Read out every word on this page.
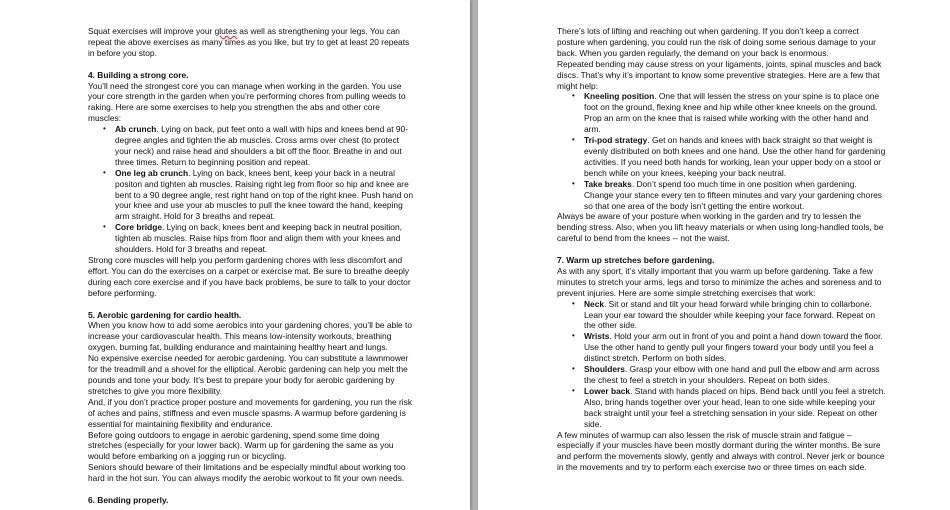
Squat exercises will improve your glutes as well as strengthening your legs. You can repeat the above exercises as many times as you like, but try to get at least 20 repeats in before you stop.

4. Building a strong core.

You’ll need the strongest core you can manage when working in the garden. You use your core strength in the garden when you’re performing chores from pulling weeds to raking. Here are some exercises to help you strengthen the abs and other core muscles:

• Ab crunch. Lying on back, put feet onto a wall with hips and knees bend at 90-degree angles and tighten the ab muscles. Cross arms over chest (to protect your neck) and raise head and shoulders a bit off the floor. Breathe in and out three times. Return to beginning position and repeat.
• One leg ab crunch. Lying on back, knees bent, keep your back in a neutral positon and tighten ab muscles. Raising right leg from floor so hip and knee are bent to a 90 degree angle, rest right hand on top of the right knee. Push hand on your knee and use your ab muscles to pull the knee toward the hand, keeping arm straight. Hold for 3 breaths and repeat.
• Core bridge. Lying on back, knees bent and keeping back in neutral position, tighten ab muscles. Raise hips from floor and align them with your knees and shoulders. Hold for 3 breaths and repeat.

Strong core muscles will help you perform gardening chores with less discomfort and effort. You can do the exercises on a carpet or exercise mat. Be sure to breathe deeply during each core exercise and if you have back problems, be sure to talk to your doctor before performing.

5. Aerobic gardening for cardio health.

When you know how to add some aerobics into your gardening chores, you’ll be able to increase your cardiovascular health. This means low-intensity workouts, breathing oxygen, burning fat, building endurance and maintaining healthy heart and lungs.

No expensive exercise needed for aerobic gardening. You can substitute a lawnmower for the treadmill and a shovel for the elliptical. Aerobic gardening can help you melt the pounds and tone your body. It’s best to prepare your body for aerobic gardening by stretches to give you more flexibility.

And, if you don’t practice proper posture and movements for gardening, you run the risk of aches and pains, stiffness and even muscle spasms. A warmup before gardening is essential for maintaining flexibility and endurance.

Before going outdoors to engage in aerobic gardening, spend some time doing stretches (especially for your lower back). Warm up for gardening the same as you would before embarking on a jogging run or bicycling.

Seniors should beware of their limitations and be especially mindful about working too hard in the hot sun. You can always modify the aerobic workout to fit your own needs.

6. Bending properly.

There’s lots of lifting and reaching out when gardening. If you don’t keep a correct posture when gardening, you could run the risk of doing some serious damage to your back. When you garden regularly, the demand on your back is enormous.

Repeated bending may cause stress on your ligaments, joints, spinal muscles and back discs. That’s why it’s important to know some preventive strategies. Here are a few that might help:

• Kneeling position. One that will lessen the stress on your spine is to place one foot on the ground, flexing knee and hip while other knee kneels on the ground. Prop an arm on the knee that is raised while working with the other hand and arm.
• Tri-pod strategy. Get on hands and knees with back straight so that weight is evenly distributed on both knees and one hand. Use the other hand for gardening activities. If you need both hands for working, lean your upper body on a stool or bench while on your knees, keeping your back neutral.
• Take breaks. Don’t spend too much time in one position when gardening. Change your stance every ten to fifteen minutes and vary your gardening chores so that one area of the body isn’t getting the entire workout.

Always be aware of your posture when working in the garden and try to lessen the bending stress. Also, when you lift heavy materials or when using long-handled tools, be careful to bend from the knees -- not the waist.

7. Warm up stretches before gardening.

As with any sport, it’s vitally important that you warm up before gardening. Take a few minutes to stretch your arms, legs and torso to minimize the aches and soreness and to prevent injuries. Here are some simple stretching exercises that work:

• Neck. Sit or stand and tilt your head forward while bringing chin to collarbone. Lean your ear toward the shoulder while keeping your face forward. Repeat on the other side.
• Wrists. Hold your arm out in front of you and point a hand down toward the floor. Use the other hand to gently pull your fingers toward your body until you feel a distinct stretch. Perform on both sides.
• Shoulders. Grasp your elbow with one hand and pull the elbow and arm across the chest to feel a stretch in your shoulders. Repeat on both sides.
• Lower back. Stand with hands placed on hips. Bend back until you feel a stretch. Also, bring hands together over your head, lean to one side while keeping your back straight until your feel a stretching sensation in your side. Repeat on other side.

A few minutes of warmup can also lessen the risk of muscle strain and fatigue – especially if your muscles have been mostly dormant during the winter months. Be sure and perform the movements slowly, gently and always with control. Never jerk or bounce in the movements and try to perform each exercise two or three times on each side.
